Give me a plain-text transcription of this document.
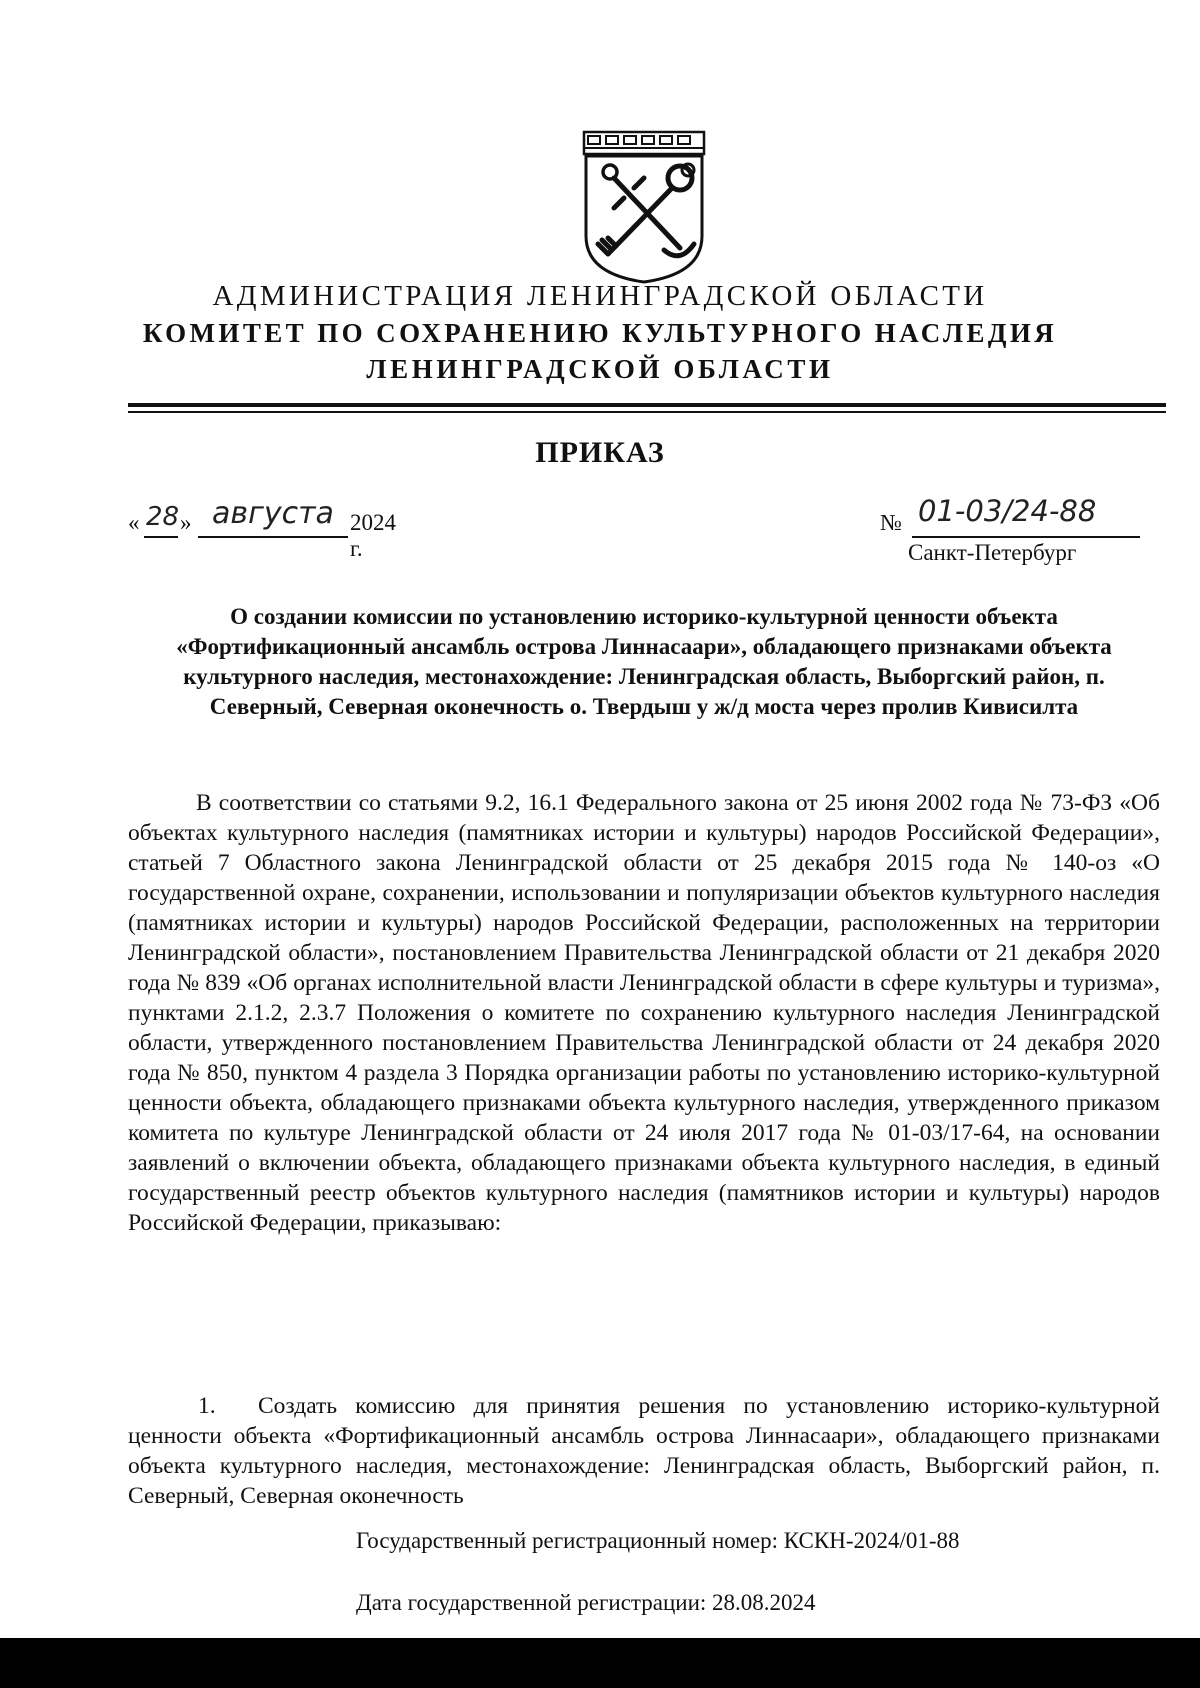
АДМИНИСТРАЦИЯ ЛЕНИНГРАДСКОЙ ОБЛАСТИ
КОМИТЕТ ПО СОХРАНЕНИЮ КУЛЬТУРНОГО НАСЛЕДИЯ
ЛЕНИНГРАДСКОЙ ОБЛАСТИ
ПРИКАЗ
« 28 » августа 2024 г.
№ 01-03/24-88

Санкт-Петербург

О создании комиссии по установлению историко-культурной ценности объекта «Фортификационный ансамбль острова Линнасаари», обладающего признаками объекта культурного наследия, местонахождение: Ленинградская область, Выборгский район, п. Северный, Северная оконечность о. Твердыш у ж/д моста через пролив Кивисилта

В соответствии со статьями 9.2, 16.1 Федерального закона от 25 июня 2002 года № 73-ФЗ «Об объектах культурного наследия (памятниках истории и культуры) народов Российской Федерации», статьей 7 Областного закона Ленинградской области от 25 декабря 2015 года № 140-оз «О государственной охране, сохранении, использовании и популяризации объектов культурного наследия (памятниках истории и культуры) народов Российской Федерации, расположенных на территории Ленинградской области», постановлением Правительства Ленинградской области от 21 декабря 2020 года № 839 «Об органах исполнительной власти Ленинградской области в сфере культуры и туризма», пунктами 2.1.2, 2.3.7 Положения о комитете по сохранению культурного наследия Ленинградской области, утвержденного постановлением Правительства Ленинградской области от 24 декабря 2020 года № 850, пунктом 4 раздела 3 Порядка организации работы по установлению историко-культурной ценности объекта, обладающего признаками объекта культурного наследия, утвержденного приказом комитета по культуре Ленинградской области от 24 июля 2017 года № 01-03/17-64, на основании заявлений о включении объекта, обладающего признаками объекта культурного наследия, в единый государственный реестр объектов культурного наследия (памятников истории и культуры) народов Российской Федерации, приказываю:

1. Создать комиссию для принятия решения по установлению историко-культурной ценности объекта «Фортификационный ансамбль острова Линнасаари», обладающего признаками объекта культурного наследия, местонахождение: Ленинградская область, Выборгский район, п. Северный, Северная оконечность

Государственный регистрационный номер: КСКН-2024/01-88

Дата государственной регистрации: 28.08.2024
